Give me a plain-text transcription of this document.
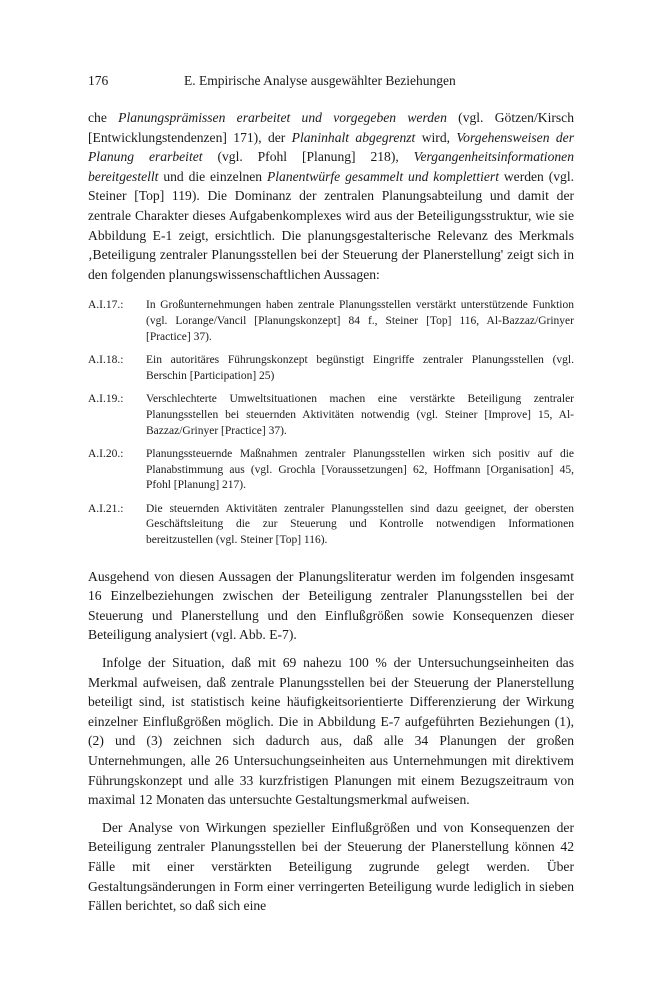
176	E. Empirische Analyse ausgewählter Beziehungen

che Planungsprämissen erarbeitet und vorgegeben werden (vgl. Götzen/Kirsch [Entwicklungstendenzen] 171), der Planinhalt abgegrenzt wird, Vorgehensweisen der Planung erarbeitet (vgl. Pfohl [Planung] 218), Vergangenheitsinformationen bereitgestellt und die einzelnen Planentwürfe gesammelt und komplettiert werden (vgl. Steiner [Top] 119). Die Dominanz der zentralen Planungsabteilung und damit der zentrale Charakter dieses Aufgabenkomplexes wird aus der Beteiligungsstruktur, wie sie Abbildung E-1 zeigt, ersichtlich. Die planungsgestalterische Relevanz des Merkmals ‚Beteiligung zentraler Planungsstellen bei der Steuerung der Planerstellung' zeigt sich in den folgenden planungswissenschaftlichen Aussagen:

A.I.17.:	In Großunternehmungen haben zentrale Planungsstellen verstärkt unterstützende Funktion (vgl. Lorange/Vancil [Planungskonzept] 84 f., Steiner [Top] 116, Al-Bazzaz/Grinyer [Practice] 37).
A.I.18.:	Ein autoritäres Führungskonzept begünstigt Eingriffe zentraler Planungsstellen (vgl. Berschin [Participation] 25)
A.I.19.:	Verschlechterte Umweltsituationen machen eine verstärkte Beteiligung zentraler Planungsstellen bei steuernden Aktivitäten notwendig (vgl. Steiner [Improve] 15, Al-Bazzaz/Grinyer [Practice] 37).
A.I.20.:	Planungssteuernde Maßnahmen zentraler Planungsstellen wirken sich positiv auf die Planabstimmung aus (vgl. Grochla [Voraussetzungen] 62, Hoffmann [Organisation] 45, Pfohl [Planung] 217).
A.I.21.:	Die steuernden Aktivitäten zentraler Planungsstellen sind dazu geeignet, der obersten Geschäftsleitung die zur Steuerung und Kontrolle notwendigen Informationen bereitzustellen (vgl. Steiner [Top] 116).

Ausgehend von diesen Aussagen der Planungsliteratur werden im folgenden insgesamt 16 Einzelbeziehungen zwischen der Beteiligung zentraler Planungsstellen bei der Steuerung und Planerstellung und den Einflußgrößen sowie Konsequenzen dieser Beteiligung analysiert (vgl. Abb. E-7).

Infolge der Situation, daß mit 69 nahezu 100 % der Untersuchungseinheiten das Merkmal aufweisen, daß zentrale Planungsstellen bei der Steuerung der Planerstellung beteiligt sind, ist statistisch keine häufigkeitsorientierte Differenzierung der Wirkung einzelner Einflußgrößen möglich. Die in Abbildung E-7 aufgeführten Beziehungen (1), (2) und (3) zeichnen sich dadurch aus, daß alle 34 Planungen der großen Unternehmungen, alle 26 Untersuchungseinheiten aus Unternehmungen mit direktivem Führungskonzept und alle 33 kurzfristigen Planungen mit einem Bezugszeitraum von maximal 12 Monaten das untersuchte Gestaltungsmerkmal aufweisen.

Der Analyse von Wirkungen spezieller Einflußgrößen und von Konsequenzen der Beteiligung zentraler Planungsstellen bei der Steuerung der Planerstellung können 42 Fälle mit einer verstärkten Beteiligung zugrunde gelegt werden. Über Gestaltungsänderungen in Form einer verringerten Beteiligung wurde lediglich in sieben Fällen berichtet, so daß sich eine
